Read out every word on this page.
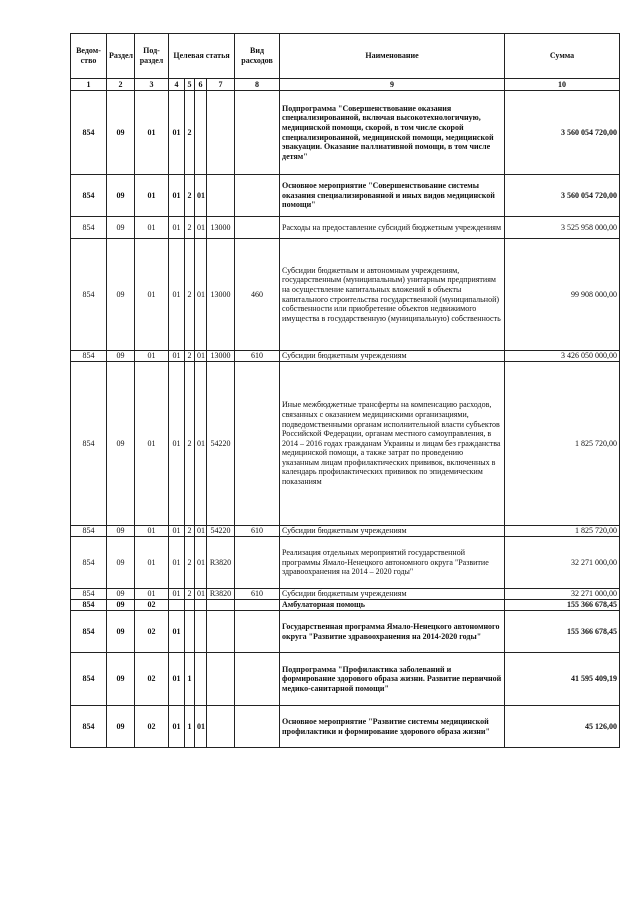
Ведом-ство	Раздел	Под-раздел	Целевая статья				Вид расходов	Наименование	Сумма
1	2	3	4	5	6	7	8	9	10
854	09	01	01	2				Подпрограмма "Совершенствование оказания специализированной, включая высокотехнологичную, медицинской помощи, скорой, в том числе скорой специализированной, медицинской помощи, медицинской эвакуации. Оказание паллиативной помощи, в том числе детям"	3 560 054 720,00
854	09	01	01	2	01			Основное мероприятие "Совершенствование системы оказания специализированной и иных видов медицинской помощи"	3 560 054 720,00
854	09	01	01	2	01	13000		Расходы на предоставление субсидий бюджетным учреждениям	3 525 958 000,00
854	09	01	01	2	01	13000	460	Субсидии бюджетным и автономным учреждениям, государственным (муниципальным) унитарным предприятиям на осуществление капитальных вложений в объекты капитального строительства государственной (муниципальной) собственности или приобретение объектов недвижимого имущества в государственную (муниципальную) собственность	99 908 000,00
854	09	01	01	2	01	13000	610	Субсидии бюджетным учреждениям	3 426 050 000,00
854	09	01	01	2	01	54220		Иные межбюджетные трансферты на компенсацию расходов, связанных с оказанием медицинскими организациями, подведомственными органам исполнительной власти субъектов Российской Федерации, органам местного самоуправления, в 2014 – 2016 годах гражданам Украины и лицам без гражданства медицинской помощи, а также затрат по проведению указанным лицам профилактических прививок, включенных в календарь профилактических прививок по эпидемическим показаниям	1 825 720,00
854	09	01	01	2	01	54220	610	Субсидии бюджетным учреждениям	1 825 720,00
854	09	01	01	2	01	R3820		Реализация отдельных мероприятий государственной программы Ямало-Ненецкого автономного округа "Развитие здравоохранения на 2014 – 2020 годы"	32 271 000,00
854	09	01	01	2	01	R3820	610	Субсидии бюджетным учреждениям	32 271 000,00
854	09	02						Амбулаторная помощь	155 366 678,45
854	09	02	01					Государственная программа Ямало-Ненецкого автономного округа "Развитие здравоохранения на 2014-2020 годы"	155 366 678,45
854	09	02	01	1				Подпрограмма "Профилактика заболеваний и формирование здорового образа жизни. Развитие первичной медико-санитарной помощи"	41 595 409,19
854	09	02	01	1	01			Основное мероприятие "Развитие системы медицинской профилактики и формирование здорового образа жизни"	45 126,00
